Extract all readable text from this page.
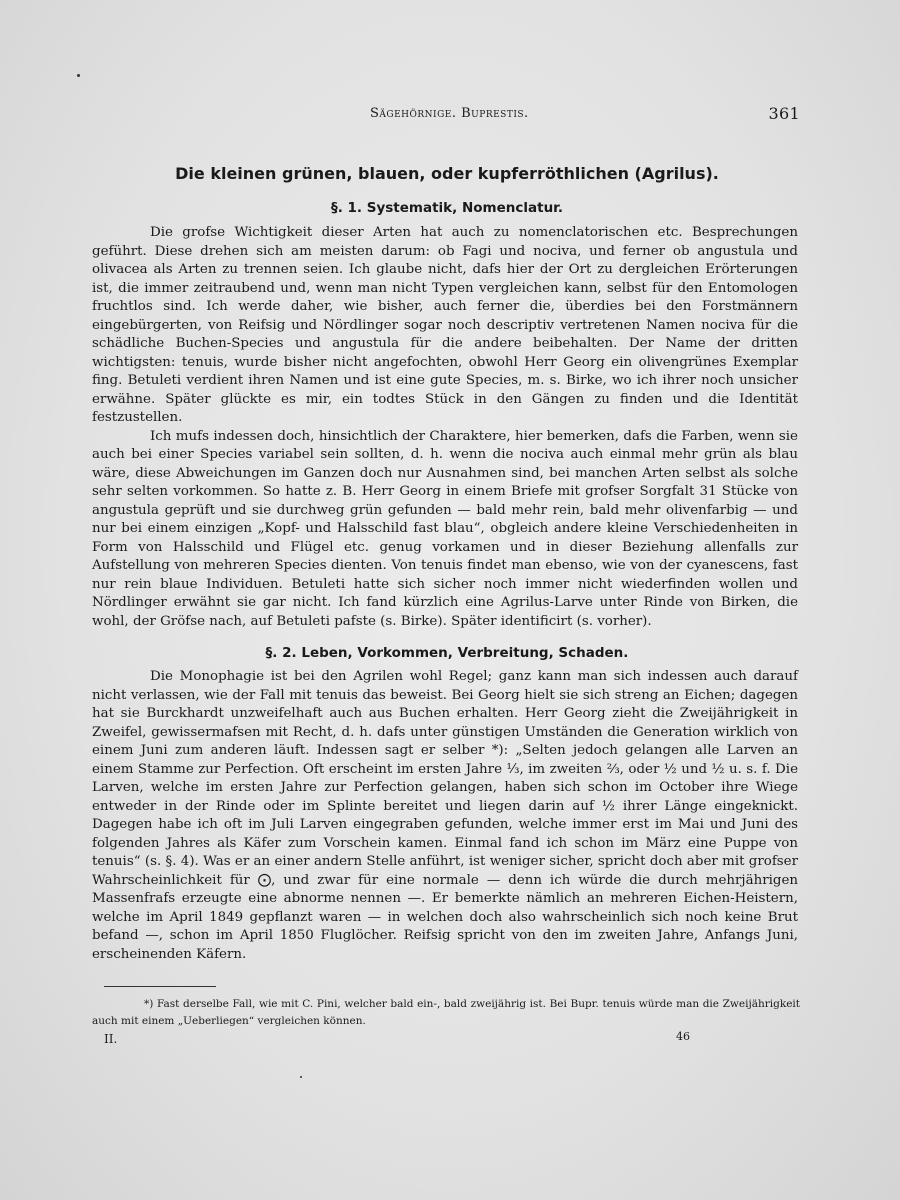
Sägehörnige. Buprestis.	361
Die kleinen grünen, blauen, oder kupferröthlichen (Agrilus).
§. 1. Systematik, Nomenclatur.

Die grofse Wichtigkeit dieser Arten hat auch zu nomenclatorischen etc. Besprechungen geführt. Diese drehen sich am meisten darum: ob Fagi und nociva, und ferner ob angustula und olivacea als Arten zu trennen seien. Ich glaube nicht, dafs hier der Ort zu dergleichen Erörterungen ist, die immer zeitraubend und, wenn man nicht Typen vergleichen kann, selbst für den Entomologen fruchtlos sind. Ich werde daher, wie bisher, auch ferner die, überdies bei den Forstmännern eingebürgerten, von Reifsig und Nördlinger sogar noch descriptiv vertretenen Namen nociva für die schädliche Buchen-Species und angustula für die andere beibehalten. Der Name der dritten wichtigsten: tenuis, wurde bisher nicht angefochten, obwohl Herr Georg ein olivengrünes Exemplar fing. Betuleti verdient ihren Namen und ist eine gute Species, m. s. Birke, wo ich ihrer noch unsicher erwähne. Später glückte es mir, ein todtes Stück in den Gängen zu finden und die Identität festzustellen.

Ich mufs indessen doch, hinsichtlich der Charaktere, hier bemerken, dafs die Farben, wenn sie auch bei einer Species variabel sein sollten, d. h. wenn die nociva auch einmal mehr grün als blau wäre, diese Abweichungen im Ganzen doch nur Ausnahmen sind, bei manchen Arten selbst als solche sehr selten vorkommen. So hatte z. B. Herr Georg in einem Briefe mit grofser Sorgfalt 31 Stücke von angustula geprüft und sie durchweg grün gefunden — bald mehr rein, bald mehr olivenfarbig — und nur bei einem einzigen „Kopf- und Halsschild fast blau“, obgleich andere kleine Verschiedenheiten in Form von Halsschild und Flügel etc. genug vorkamen und in dieser Beziehung allenfalls zur Aufstellung von mehreren Species dienten. Von tenuis findet man ebenso, wie von der cyanescens, fast nur rein blaue Individuen. Betuleti hatte sich sicher noch immer nicht wiederfinden wollen und Nördlinger erwähnt sie gar nicht. Ich fand kürzlich eine Agrilus-Larve unter Rinde von Birken, die wohl, der Gröfse nach, auf Betuleti pafste (s. Birke). Später identificirt (s. vorher).

§. 2. Leben, Vorkommen, Verbreitung, Schaden.

Die Monophagie ist bei den Agrilen wohl Regel; ganz kann man sich indessen auch darauf nicht verlassen, wie der Fall mit tenuis das beweist. Bei Georg hielt sie sich streng an Eichen; dagegen hat sie Burckhardt unzweifelhaft auch aus Buchen erhalten. Herr Georg zieht die Zweijährigkeit in Zweifel, gewissermafsen mit Recht, d. h. dafs unter günstigen Umständen die Generation wirklich von einem Juni zum anderen läuft. Indessen sagt er selber *): „Selten jedoch gelangen alle Larven an einem Stamme zur Perfection. Oft erscheint im ersten Jahre ⅓, im zweiten ⅔, oder ½ und ½ u. s. f. Die Larven, welche im ersten Jahre zur Perfection gelangen, haben sich schon im October ihre Wiege entweder in der Rinde oder im Splinte bereitet und liegen darin auf ½ ihrer Länge eingeknickt. Dagegen habe ich oft im Juli Larven eingegraben gefunden, welche immer erst im Mai und Juni des folgenden Jahres als Käfer zum Vorschein kamen. Einmal fand ich schon im März eine Puppe von tenuis“ (s. §. 4). Was er an einer andern Stelle anführt, ist weniger sicher, spricht doch aber mit grofser Wahrscheinlichkeit für ⨀, und zwar für eine normale — denn ich würde die durch mehrjährigen Massenfrafs erzeugte eine abnorme nennen —. Er bemerkte nämlich an mehreren Eichen-Heistern, welche im April 1849 gepflanzt waren — in welchen doch also wahrscheinlich sich noch keine Brut befand —, schon im April 1850 Fluglöcher. Reifsig spricht von den im zweiten Jahre, Anfangs Juni, erscheinenden Käfern.

*) Fast derselbe Fall, wie mit C. Pini, welcher bald ein-, bald zweijährig ist. Bei Bupr. tenuis würde man die Zweijährigkeit auch mit einem „Ueberliegen“ vergleichen können.

II.	46
